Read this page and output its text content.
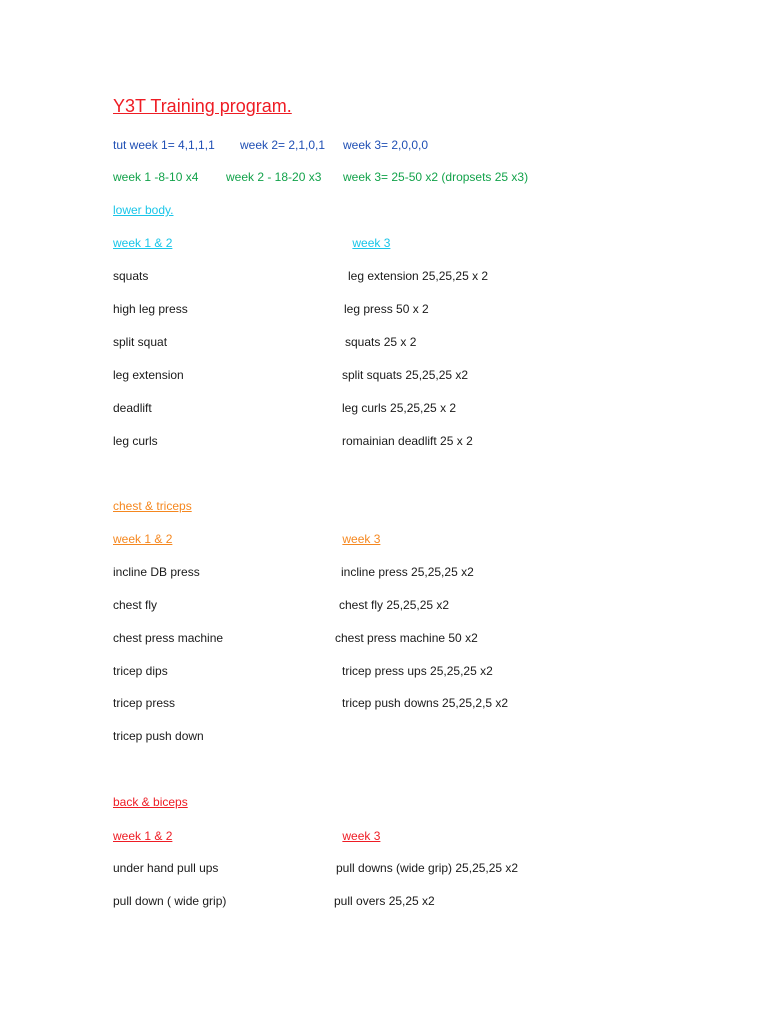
Y3T Training program.
tut week 1= 4,1,1,1 week 2= 2,1,0,1 week 3= 2,0,0,0
week 1 -8-10 x4 week 2 - 18-20 x3 week 3= 25-50 x2 (dropsets 25 x3)
lower body.
week 1 & 2	week 3
squats	leg extension 25,25,25 x 2
high leg press	leg press 50 x 2
split squat	squats 25 x 2
leg extension	split squats 25,25,25 x2
deadlift	leg curls 25,25,25 x 2
leg curls	romainian deadlift 25 x 2
chest & triceps
week 1 & 2	week 3
incline DB press	incline press 25,25,25 x2
chest fly	chest fly 25,25,25 x2
chest press machine	chest press machine 50 x2
tricep dips	tricep press ups 25,25,25 x2
tricep press	tricep push downs 25,25,2,5 x2
tricep push down
back & biceps
week 1 & 2	week 3
under hand pull ups	pull downs (wide grip) 25,25,25 x2
pull down ( wide grip)	pull overs 25,25 x2
